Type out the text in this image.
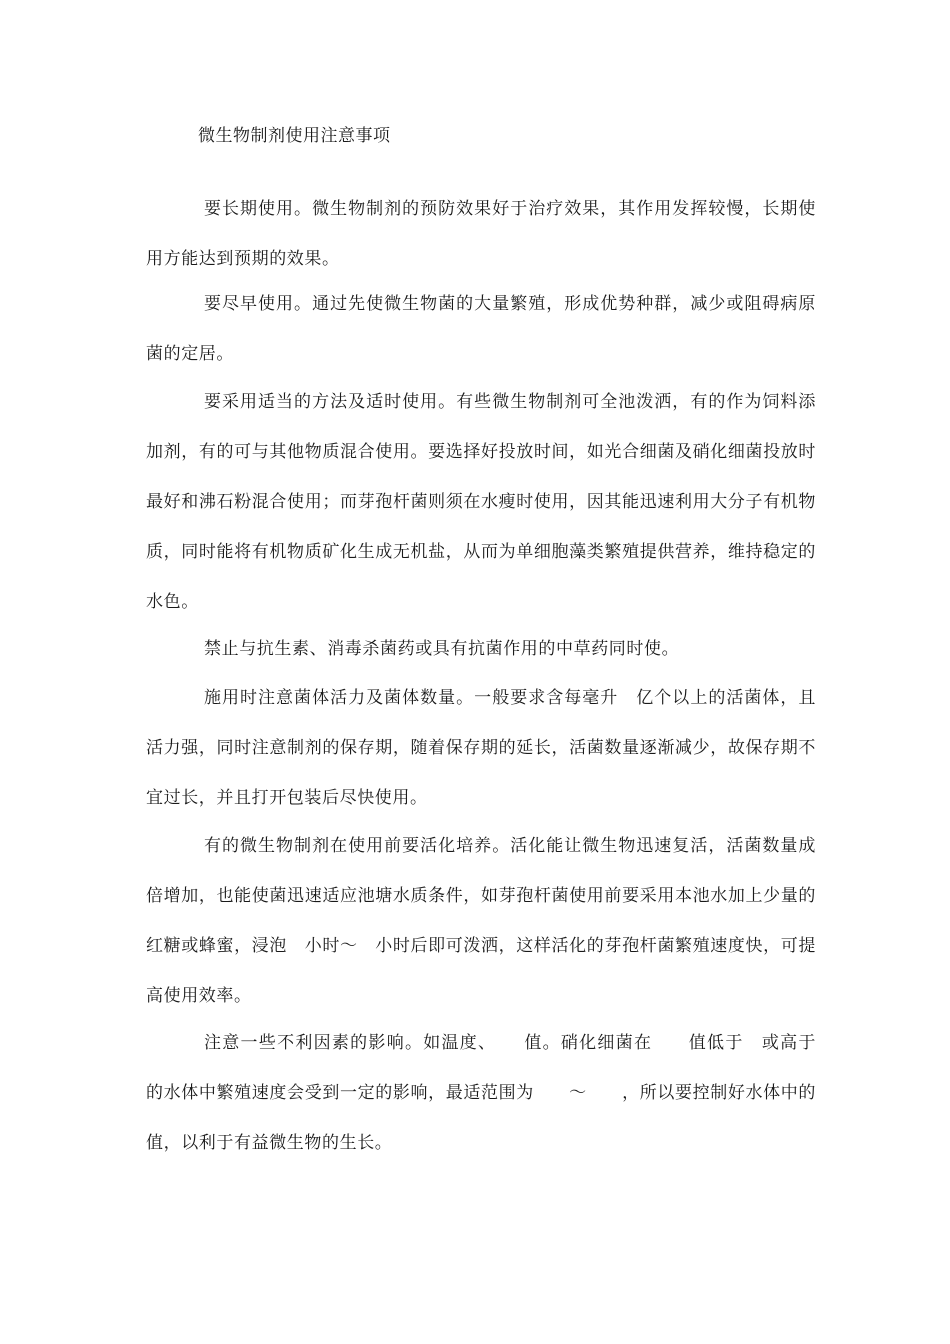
微生物制剂使用注意事项

要长期使用。微生物制剂的预防效果好于治疗效果，其作用发挥较慢，长期使用方能达到预期的效果。

要尽早使用。通过先使微生物菌的大量繁殖，形成优势种群，减少或阻碍病原菌的定居。

要采用适当的方法及适时使用。有些微生物制剂可全池泼洒，有的作为饲料添加剂，有的可与其他物质混合使用。要选择好投放时间，如光合细菌及硝化细菌投放时最好和沸石粉混合使用；而芽孢杆菌则须在水瘦时使用，因其能迅速利用大分子有机物质，同时能将有机物质矿化生成无机盐，从而为单细胞藻类繁殖提供营养，维持稳定的水色。

禁止与抗生素、消毒杀菌药或具有抗菌作用的中草药同时使。

施用时注意菌体活力及菌体数量。一般要求含每毫升　亿个以上的活菌体，且活力强，同时注意制剂的保存期，随着保存期的延长，活菌数量逐渐减少，故保存期不宜过长，并且打开包装后尽快使用。

有的微生物制剂在使用前要活化培养。活化能让微生物迅速复活，活菌数量成倍增加，也能使菌迅速适应池塘水质条件，如芽孢杆菌使用前要采用本池水加上少量的红糖或蜂蜜，浸泡　小时～　小时后即可泼洒，这样活化的芽孢杆菌繁殖速度快，可提高使用效率。

注意一些不利因素的影响。如温度、　　值。硝化细菌在　　值低于　或高于　　的水体中繁殖速度会受到一定的影响，最适范围为　　～　　，所以要控制好水体中的　　值，以利于有益微生物的生长。
